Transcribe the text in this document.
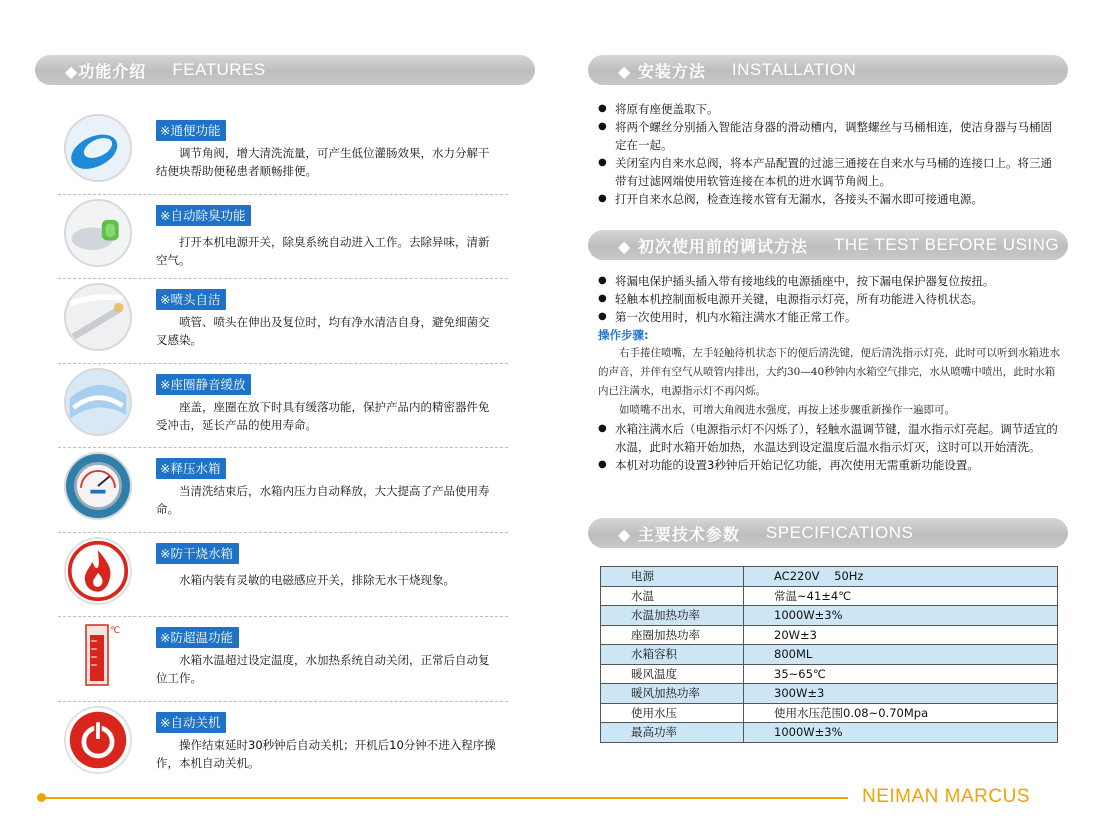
◆功能介绍 FEATURES	◆ 安装方法 INSTALLATION
◆ 初次使用前的调试方法 THE TEST BEFORE USING
◆ 主要技术参数 SPECIFICATIONS
※通便功能
调节角阀，增大清洗流量，可产生低位灌肠效果，水力分解干结便块帮助便秘患者顺畅排便。
※自动除臭功能
打开本机电源开关，除臭系统自动进入工作。去除异味，清新空气。
※喷头自洁
喷管、喷头在伸出及复位时，均有净水清洁自身，避免细菌交叉感染。
※座圈静音缓放
座盖，座圈在放下时具有缓落功能，保护产品内的精密器件免受冲击，延长产品的使用寿命。
※释压水箱
当清洗结束后，水箱内压力自动释放，大大提高了产品使用寿命。
※防干烧水箱
水箱内装有灵敏的电磁感应开关，排除无水干烧现象。
℃	※防超温功能
水箱水温超过设定温度，水加热系统自动关闭，正常后自动复位工作。
※自动关机
操作结束延时30秒钟后自动关机；开机后10分钟不进入程序操作，本机自动关机。
● 将原有座便盖取下。
● 将两个螺丝分别插入智能洁身器的滑动槽内，调整螺丝与马桶相连，使洁身器与马桶固定在一起。
● 关闭室内自来水总阀，将本产品配置的过滤三通接在自来水与马桶的连接口上。将三通带有过滤网端使用软管连接在本机的进水调节角阀上。
● 打开自来水总阀，检查连接水管有无漏水，各接头不漏水即可接通电源。
● 将漏电保护插头插入带有接地线的电源插座中，按下漏电保护器复位按扭。
● 轻触本机控制面板电源开关键，电源指示灯亮，所有功能进入待机状态。
● 第一次使用时，机内水箱注满水才能正常工作。
操作步骤:
右手捲住喷嘴，左手轻触待机状态下的便后清洗键，便后清洗指示灯亮，此时可以听到水箱进水的声音，并伴有空气从喷管内排出，大约30—40秒钟内水箱空气排完，水从喷嘴中喷出，此时水箱内已注满水，电源指示灯不再闪烁。
如喷嘴不出水，可增大角阀进水强度，再按上述步骤重新操作一遍即可。
● 水箱注满水后（电源指示灯不闪烁了），轻触水温调节键，温水指示灯亮起。调节适宜的水温，此时水箱开始加热，水温达到设定温度后温水指示灯灭，这时可以开始清洗。
● 本机对功能的设置3秒钟后开始记忆功能，再次使用无需重新功能设置。
电源	AC220V    50Hz
水温	常温~41±4℃
水温加热功率	1000W±3%
座圈加热功率	20W±3
水箱容积	800ML
暖风温度	35~65℃
暖风加热功率	300W±3
使用水压	使用水压范围0.08~0.70Mpa
最高功率	1000W±3%
NEIMAN MARCUS
